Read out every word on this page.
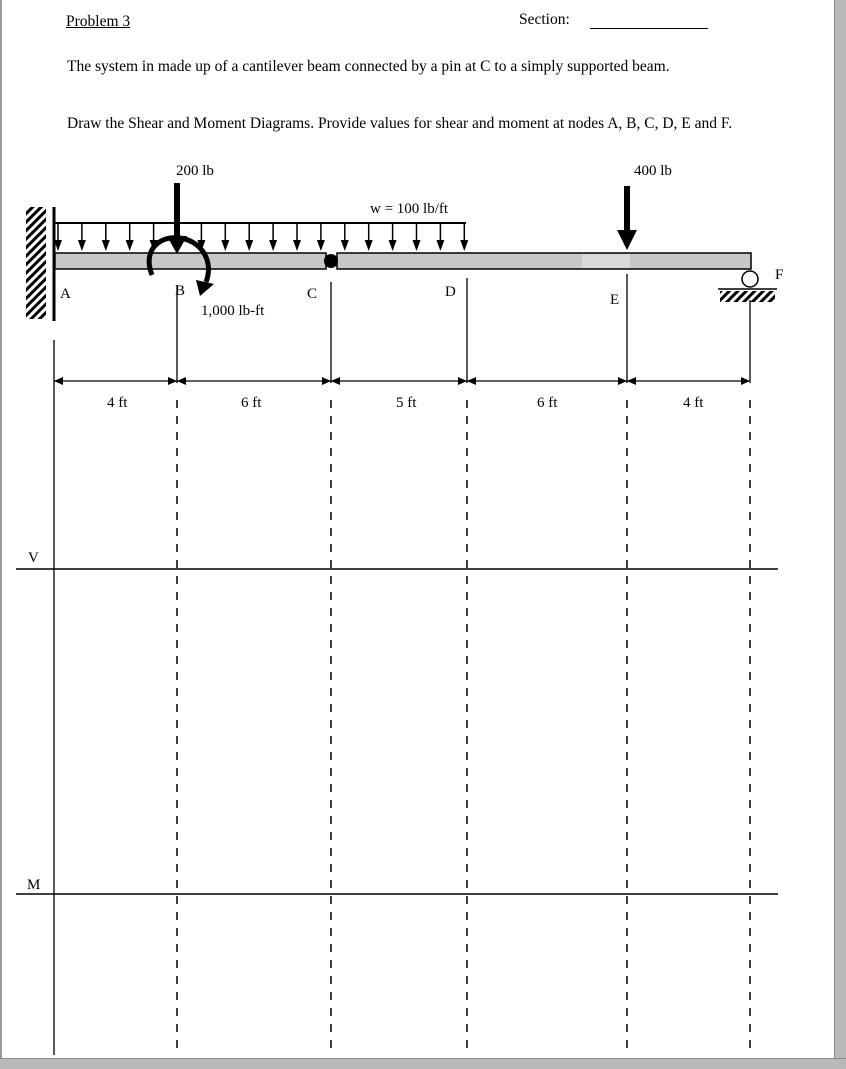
Problem 3	Section:
The system in made up of a cantilever beam connected by a pin at C to a simply supported beam.
Draw the Shear and Moment Diagrams. Provide values for shear and moment at nodes A, B, C, D, E and F.
200 lb	400 lb
w = 100 lb/ft
1,000 lb-ft
A	B	C	D	E
F
4 ft	6 ft	5 ft	6 ft	4 ft
V
M
